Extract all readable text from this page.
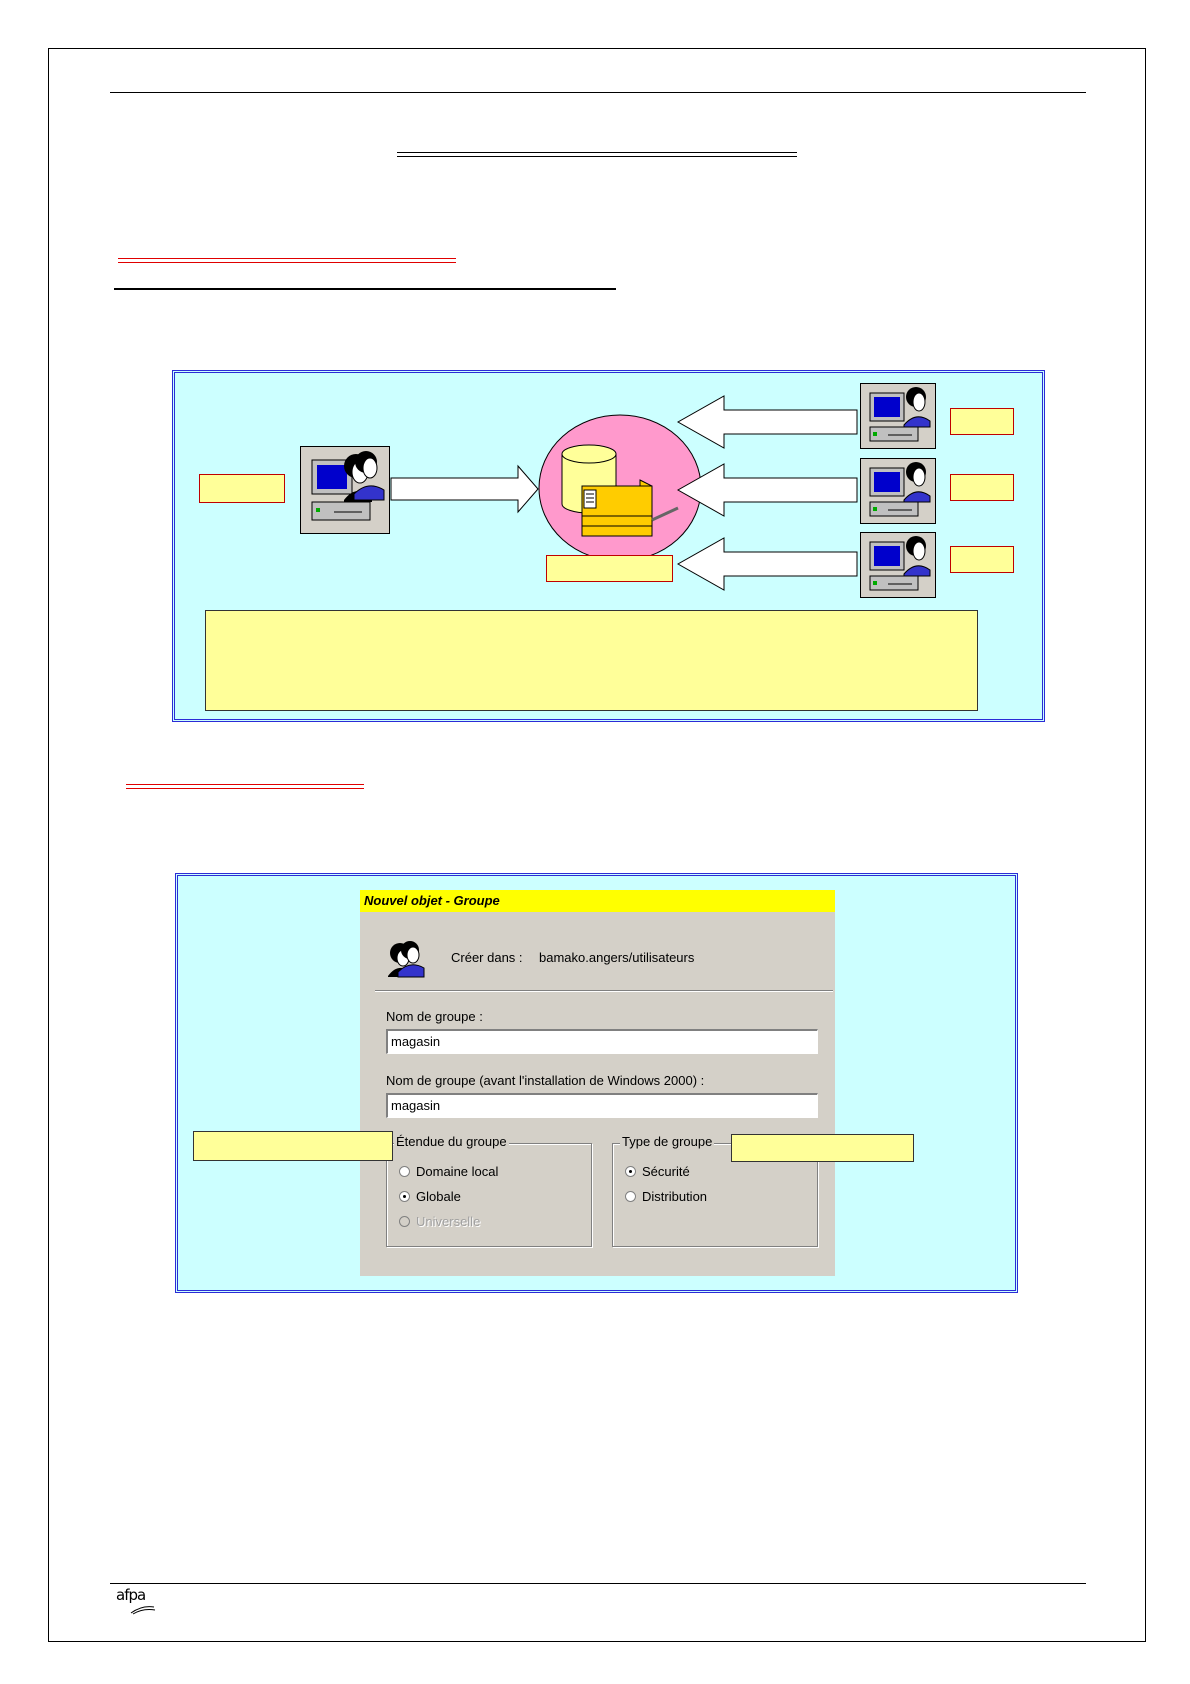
Nouvel objet - Groupe
Créer dans : bamako.angers/utilisateurs
Nom de groupe :
magasin
Nom de groupe (avant l'installation de Windows 2000) :
magasin
Étendue du groupe
Domaine local
Globale
Universelle
Type de groupe
Sécurité
Distribution
afpa
